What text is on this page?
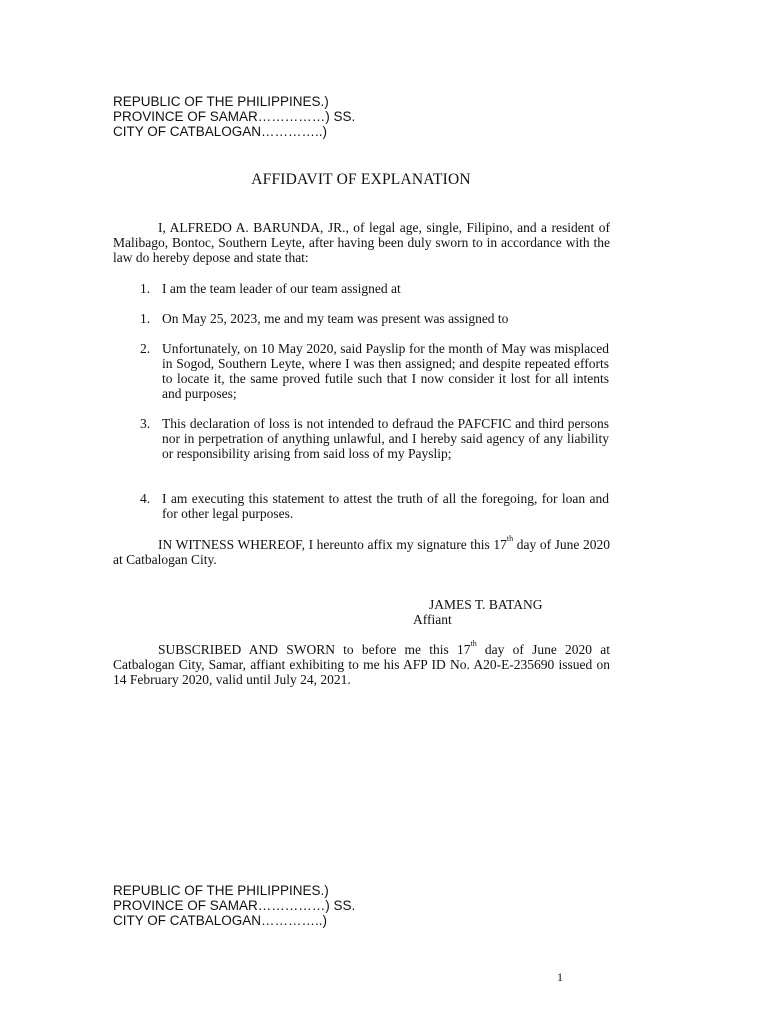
REPUBLIC OF THE PHILIPPINES.)
PROVINCE OF SAMAR……………) SS.
CITY OF CATBALOGAN…………..)
AFFIDAVIT OF EXPLANATION

I, ALFREDO A. BARUNDA, JR., of legal age, single, Filipino, and a resident of Malibago, Bontoc, Southern Leyte, after having been duly sworn to in accordance with the law do hereby depose and state that:

1. I am the team leader of our team assigned at
1. On May 25, 2023, me and my team was present was assigned to
2. Unfortunately, on 10 May 2020, said Payslip for the month of May was misplaced in Sogod, Southern Leyte, where I was then assigned; and despite repeated efforts to locate it, the same proved futile such that I now consider it lost for all intents and purposes;
3. This declaration of loss is not intended to defraud the PAFCFIC and third persons nor in perpetration of anything unlawful, and I hereby said agency of any liability or responsibility arising from said loss of my Payslip;
4. I am executing this statement to attest the truth of all the foregoing, for loan and for other legal purposes.

IN WITNESS WHEREOF, I hereunto affix my signature this 17th day of June 2020 at Catbalogan City.

JAMES T. BATANG
Affiant

SUBSCRIBED AND SWORN to before me this 17th day of June 2020 at Catbalogan City, Samar, affiant exhibiting to me his AFP ID No. A20-E-235690 issued on 14 February 2020, valid until July 24, 2021.

REPUBLIC OF THE PHILIPPINES.)
PROVINCE OF SAMAR……………) SS.
CITY OF CATBALOGAN…………..)
1
